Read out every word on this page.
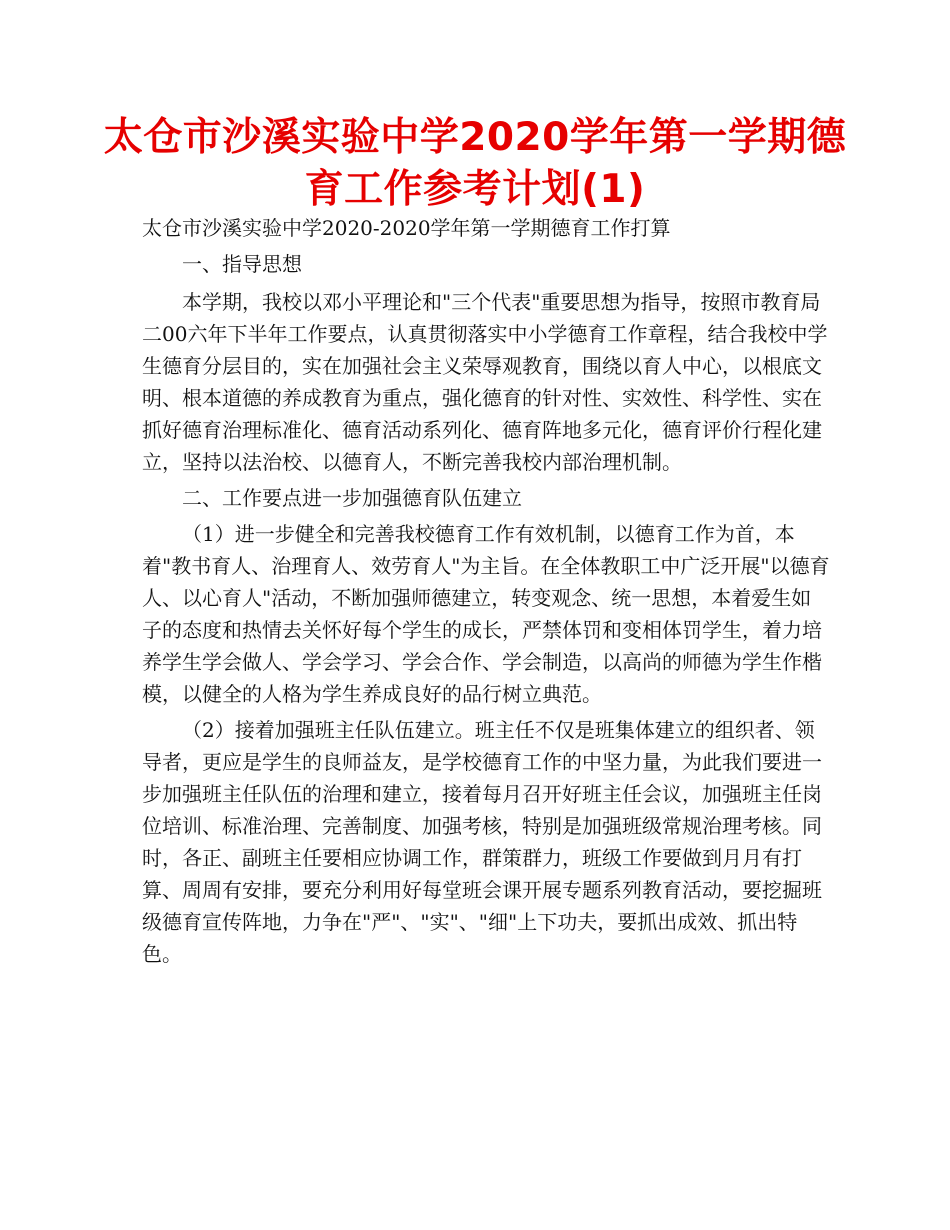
太仓市沙溪实验中学2020学年第一学期德育工作参考计划(1)

太仓市沙溪实验中学2020-2020学年第一学期德育工作打算

一、指导思想

本学期，我校以邓小平理论和"三个代表"重要思想为指导，按照市教育局二00六年下半年工作要点，认真贯彻落实中小学德育工作章程，结合我校中学生德育分层目的，实在加强社会主义荣辱观教育，围绕以育人中心，以根底文明、根本道德的养成教育为重点，强化德育的针对性、实效性、科学性、实在抓好德育治理标准化、德育活动系列化、德育阵地多元化，德育评价行程化建立，坚持以法治校、以德育人，不断完善我校内部治理机制。

二、工作要点进一步加强德育队伍建立

（1）进一步健全和完善我校德育工作有效机制，以德育工作为首，本着"教书育人、治理育人、效劳育人"为主旨。在全体教职工中广泛开展"以德育人、以心育人"活动，不断加强师德建立，转变观念、统一思想，本着爱生如子的态度和热情去关怀好每个学生的成长，严禁体罚和变相体罚学生，着力培养学生学会做人、学会学习、学会合作、学会制造，以高尚的师德为学生作楷模，以健全的人格为学生养成良好的品行树立典范。

（2）接着加强班主任队伍建立。班主任不仅是班集体建立的组织者、领导者，更应是学生的良师益友，是学校德育工作的中坚力量，为此我们要进一步加强班主任队伍的治理和建立，接着每月召开好班主任会议，加强班主任岗位培训、标准治理、完善制度、加强考核，特别是加强班级常规治理考核。同时，各正、副班主任要相应协调工作，群策群力，班级工作要做到月月有打算、周周有安排，要充分利用好每堂班会课开展专题系列教育活动，要挖掘班级德育宣传阵地，力争在"严"、"实"、"细"上下功夫，要抓出成效、抓出特色。
